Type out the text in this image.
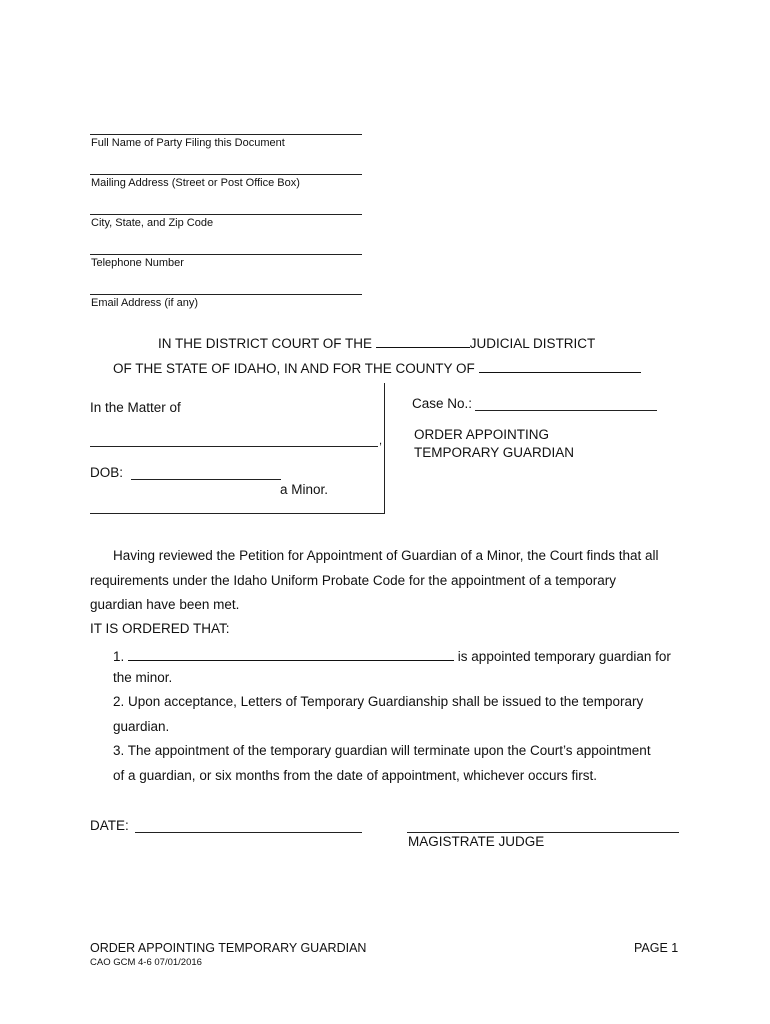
Full Name of Party Filing this Document
Mailing Address (Street or Post Office Box)
City, State, and Zip Code
Telephone Number
Email Address (if any)
IN THE DISTRICT COURT OF THE	JUDICIAL DISTRICT
OF THE STATE OF IDAHO, IN AND FOR THE COUNTY OF
In the Matter of
,
DOB:
a Minor.
Case No.:
ORDER APPOINTING
TEMPORARY GUARDIAN
Having reviewed the Petition for Appointment of Guardian of a Minor, the Court finds that all
requirements under the Idaho Uniform Probate Code for the appointment of a temporary
guardian have been met.
IT IS ORDERED THAT:
1.	is appointed temporary guardian for
the minor.
2. Upon acceptance, Letters of Temporary Guardianship shall be issued to the temporary
guardian.
3. The appointment of the temporary guardian will terminate upon the Court’s appointment
of a guardian, or six months from the date of appointment, whichever occurs first.
DATE:
MAGISTRATE JUDGE
ORDER APPOINTING TEMPORARY GUARDIAN	PAGE 1
CAO GCM 4-6 07/01/2016
